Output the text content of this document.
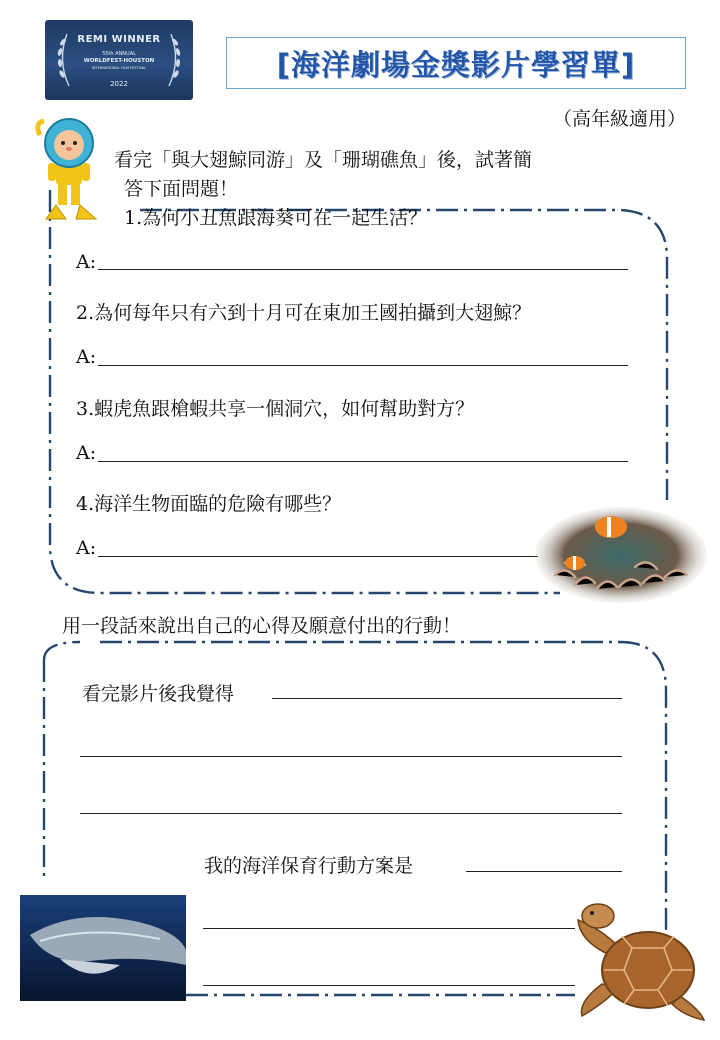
REMI WINNER
55th ANNUAL
WORLDFEST-HOUSTON
INTERNATIONAL FILM FESTIVAL
2022
[海洋劇場金獎影片學習單]
（高年級適用）
看完「與大翅鯨同游」及「珊瑚礁魚」後，試著簡
答下面問題！
1.為何小丑魚跟海葵可在一起生活？
A:
2.為何每年只有六到十月可在東加王國拍攝到大翅鯨？
A:
3.蝦虎魚跟槍蝦共享一個洞穴，如何幫助對方？
A:
4.海洋生物面臨的危險有哪些？
A:
用一段話來說出自己的心得及願意付出的行動！
看完影片後我覺得
我的海洋保育行動方案是
